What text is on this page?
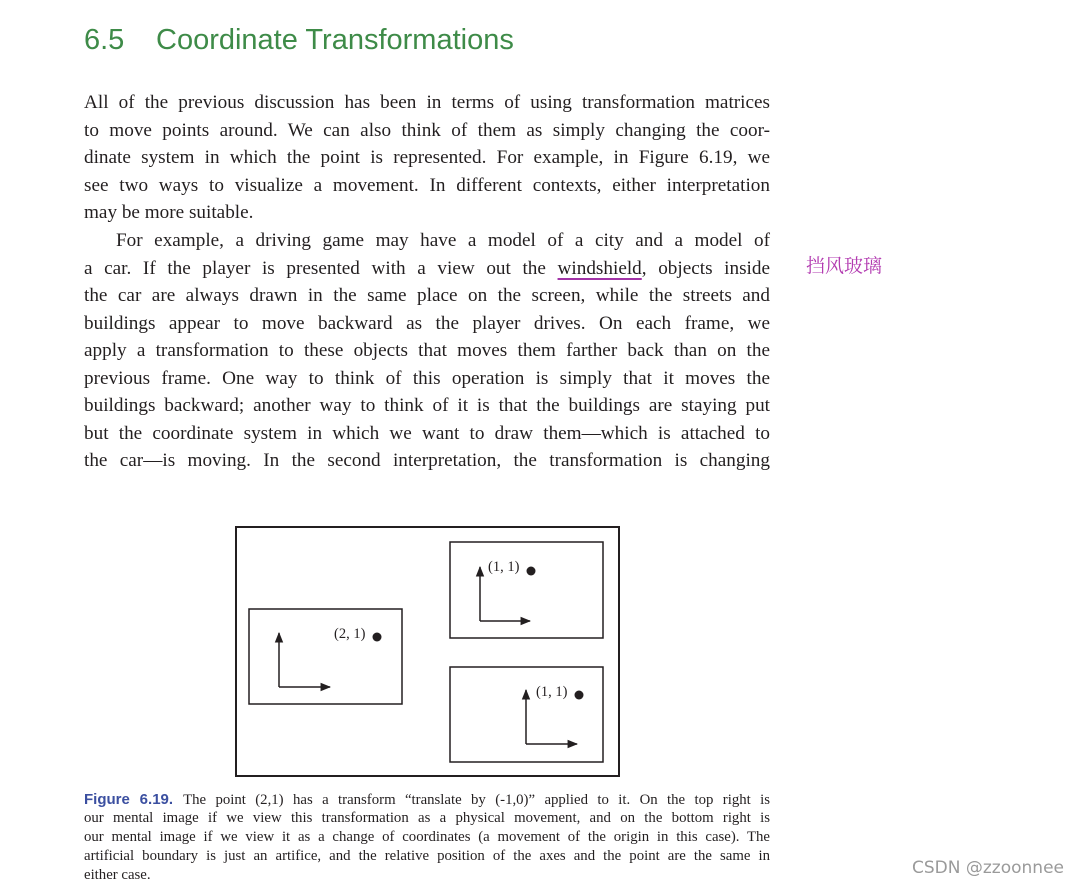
6.5 Coordinate Transformations
All of the previous discussion has been in terms of using transformation matrices
to move points around. We can also think of them as simply changing the coor-
dinate system in which the point is represented. For example, in Figure 6.19, we
see two ways to visualize a movement. In different contexts, either interpretation
may be more suitable.
For example, a driving game may have a model of a city and a model of
a car. If the player is presented with a view out the windshield, objects inside
the car are always drawn in the same place on the screen, while the streets and
buildings appear to move backward as the player drives. On each frame, we
apply a transformation to these objects that moves them farther back than on the
previous frame. One way to think of this operation is simply that it moves the
buildings backward; another way to think of it is that the buildings are staying put
but the coordinate system in which we want to draw them—which is attached to
the car—is moving. In the second interpretation, the transformation is changing
挡风玻璃
(2, 1)
(1, 1)
(1, 1)
Figure 6.19. The point (2,1) has a transform “translate by (-1,0)” applied to it. On the top right is
our mental image if we view this transformation as a physical movement, and on the bottom right is
our mental image if we view it as a change of coordinates (a movement of the origin in this case). The
artificial boundary is just an artifice, and the relative position of the axes and the point are the same in
either case.	CSDN @zzoonnee
